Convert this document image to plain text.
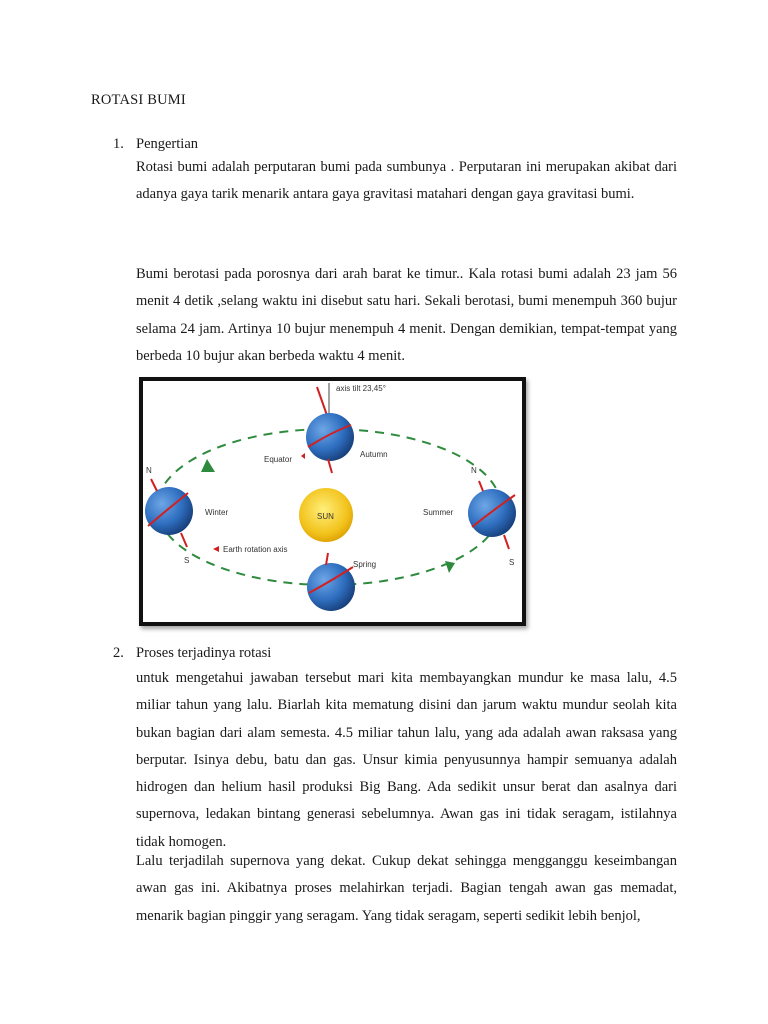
ROTASI BUMI
1. Pengertian

Rotasi bumi adalah perputaran bumi pada sumbunya . Perputaran ini merupakan akibat dari adanya gaya tarik menarik antara gaya gravitasi matahari dengan gaya gravitasi bumi.

Bumi berotasi pada porosnya dari arah barat ke timur.. Kala rotasi bumi adalah 23 jam 56 menit 4 detik ,selang waktu ini disebut satu hari. Sekali berotasi, bumi menempuh 360 bujur selama 24 jam. Artinya 10 bujur menempuh 4 menit. Dengan demikian, tempat-tempat yang berbeda 10 bujur akan berbeda waktu 4 menit.

axis tilt 23,45°
Equator
Autumn
N
S
Winter	SUN
N
S
Summer
Earth rotation axis
Spring
2. Proses terjadinya rotasi

untuk mengetahui jawaban tersebut mari kita membayangkan mundur ke masa lalu, 4.5 miliar tahun yang lalu. Biarlah kita mematung disini dan jarum waktu mundur seolah kita bukan bagian dari alam semesta. 4.5 miliar tahun lalu, yang ada adalah awan raksasa yang berputar. Isinya debu, batu dan gas. Unsur kimia penyusunnya hampir semuanya adalah hidrogen dan helium hasil produksi Big Bang. Ada sedikit unsur berat dan asalnya dari supernova, ledakan bintang generasi sebelumnya. Awan gas ini tidak seragam, istilahnya tidak homogen.

Lalu terjadilah supernova yang dekat. Cukup dekat sehingga mengganggu keseimbangan awan gas ini. Akibatnya proses melahirkan terjadi. Bagian tengah awan gas memadat, menarik bagian pinggir yang seragam. Yang tidak seragam, seperti sedikit lebih benjol,
